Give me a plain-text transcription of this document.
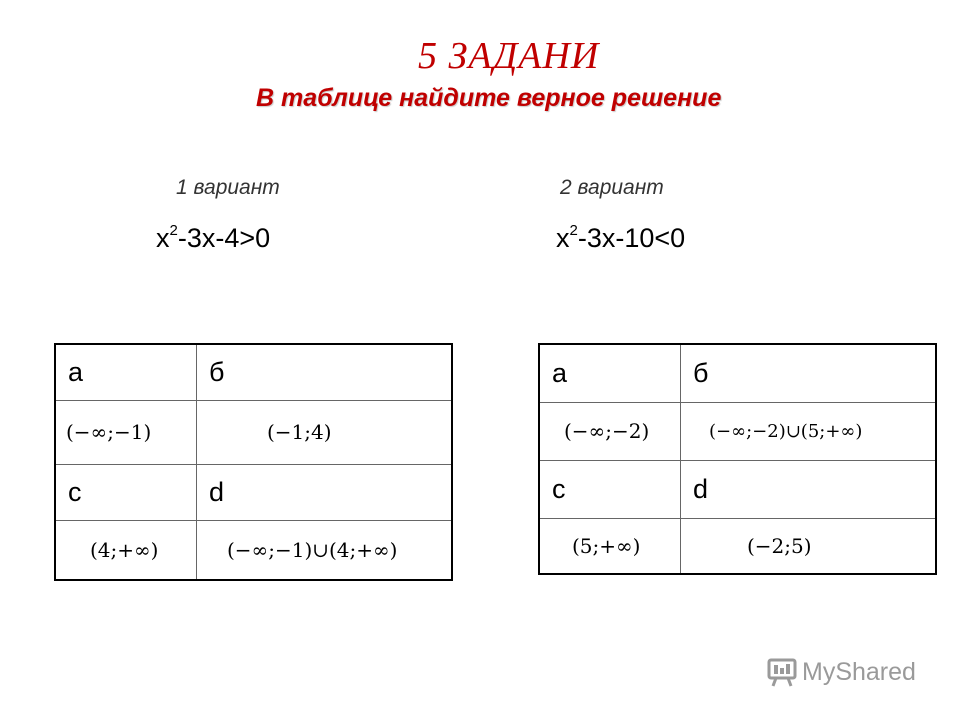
5 ЗАДАНИ
В таблице найдите верное решение
1 вариант
$x^2-3x-4>0$
а	б
(−∞;−1)	(−1;4)
с	d
(4;+∞)	(−∞;−1)∪(4;+∞)
2 вариант
$x^2-3x-10<0$
а	б
(−∞;−2)	(−∞;−2)∪(5;+∞)
с	d
(5;+∞)	(−2;5)
MyShared
